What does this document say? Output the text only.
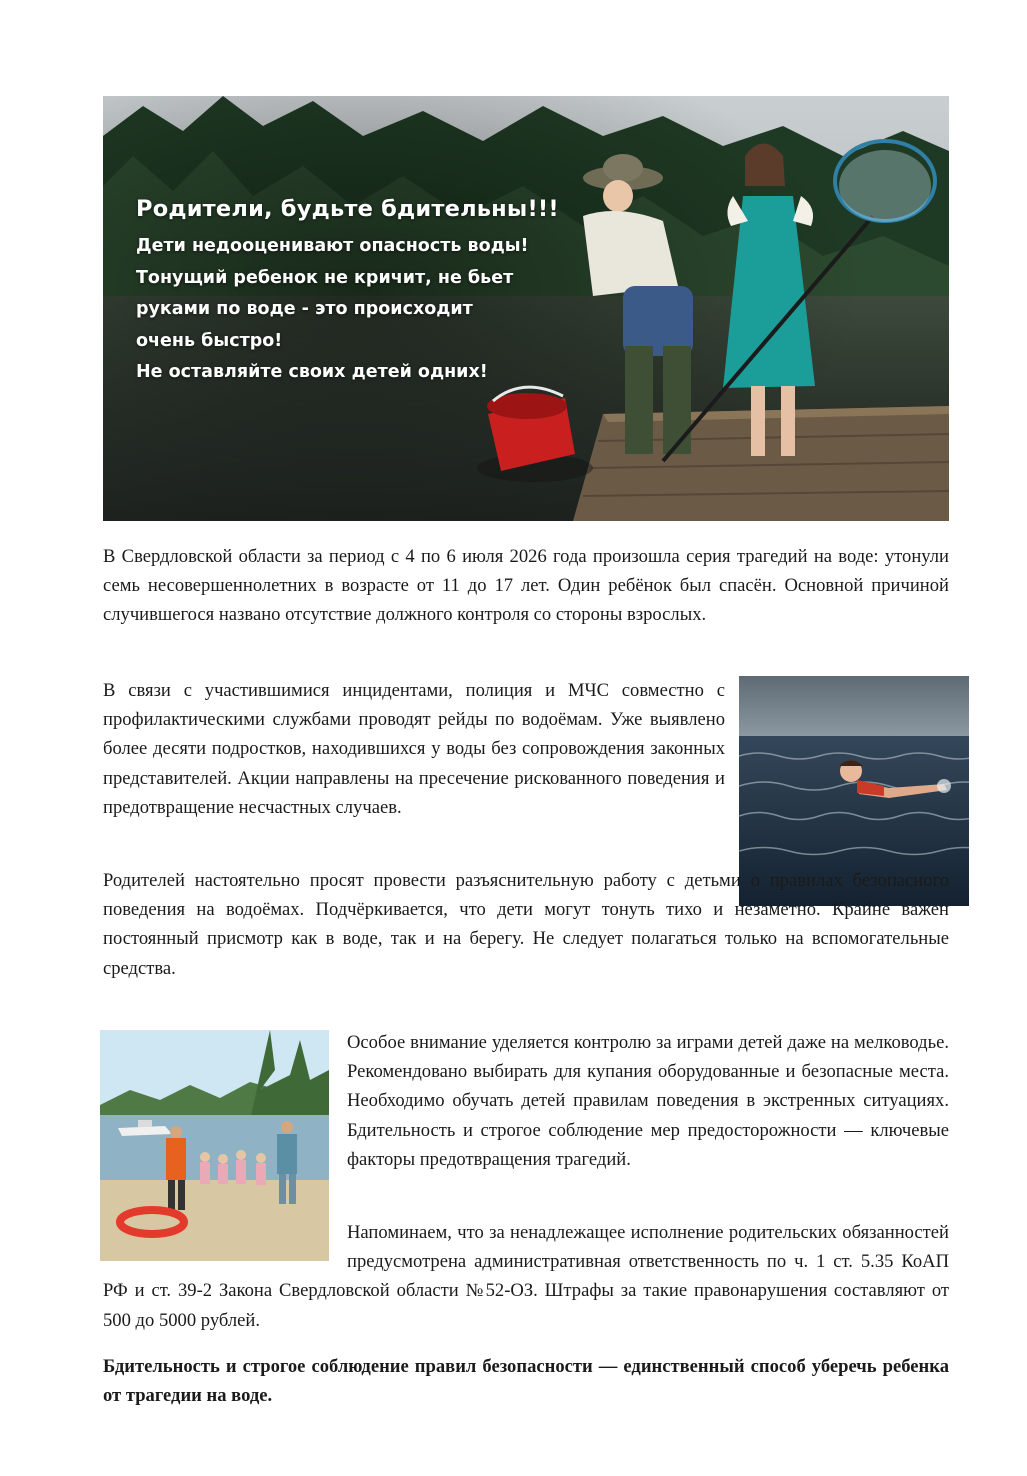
Родители, будьте бдительны!!!

Дети недооценивают опасность воды!

Тонущий ребенок не кричит, не бьет

руками по воде - это происходит

очень быстро!

Не оставляйте своих детей одних!

В Свердловской области за период с 4 по 6 июля 2026 года произошла серия трагедий на воде: утонули семь несовершеннолетних в возрасте от 11 до 17 лет. Один ребёнок был спасён. Основной причиной случившегося названо отсутствие должного контроля со стороны взрослых.

В связи с участившимися инцидентами, полиция и МЧС совместно с профилактическими службами проводят рейды по водоёмам. Уже выявлено более десяти подростков, находившихся у воды без сопровождения законных представителей. Акции направлены на пресечение рискованного поведения и предотвращение несчастных случаев.

Родителей настоятельно просят провести разъяснительную работу с детьми о правилах безопасного поведения на водоёмах. Подчёркивается, что дети могут тонуть тихо и незаметно. Крайне важен постоянный присмотр как в воде, так и на берегу. Не следует полагаться только на вспомогательные средства.

Особое внимание уделяется контролю за играми детей даже на мелководье. Рекомендовано выбирать для купания оборудованные и безопасные места. Необходимо обучать детей правилам поведения в экстренных ситуациях. Бдительность и строгое соблюдение мер предосторожности — ключевые факторы предотвращения трагедий.

Напоминаем, что за ненадлежащее исполнение родительских обязанностей предусмотрена административная ответственность по ч. 1 ст. 5.35 КоАП РФ и ст. 39-2 Закона Свердловской области №52-ОЗ. Штрафы за такие правонарушения составляют от 500 до 5000 рублей.

Бдительность и строгое соблюдение правил безопасности — единственный способ уберечь ребенка от трагедии на воде.
